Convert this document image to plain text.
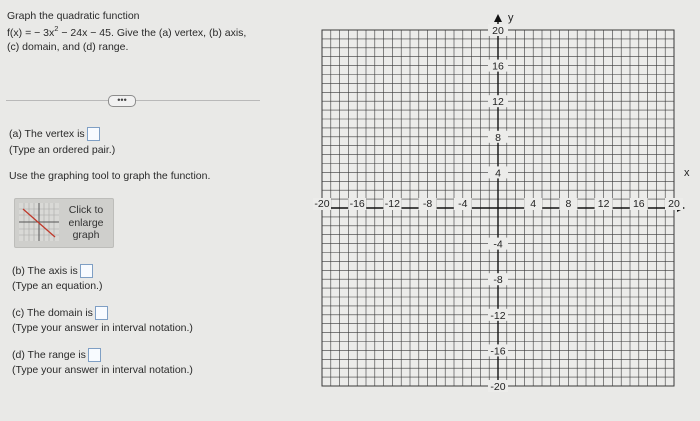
Graph the quadratic function
f(x) = − $3x^2 - 24x - 45$. Give the (a) vertex, (b) axis,
(c) domain, and (d) range.
•••
(a) The vertex is
(Type an ordered pair.)
Use the graphing tool to graph the function.
Click to enlarge graph
(b) The axis is
(Type an equation.)
(c) The domain is
(Type your answer in interval notation.)
(d) The range is
(Type your answer in interval notation.)
x
y
-20 -16 -12 -8 -4	4	8	12 16 20
20
16
12
8
4
-4
-8
-12
-16
-20
